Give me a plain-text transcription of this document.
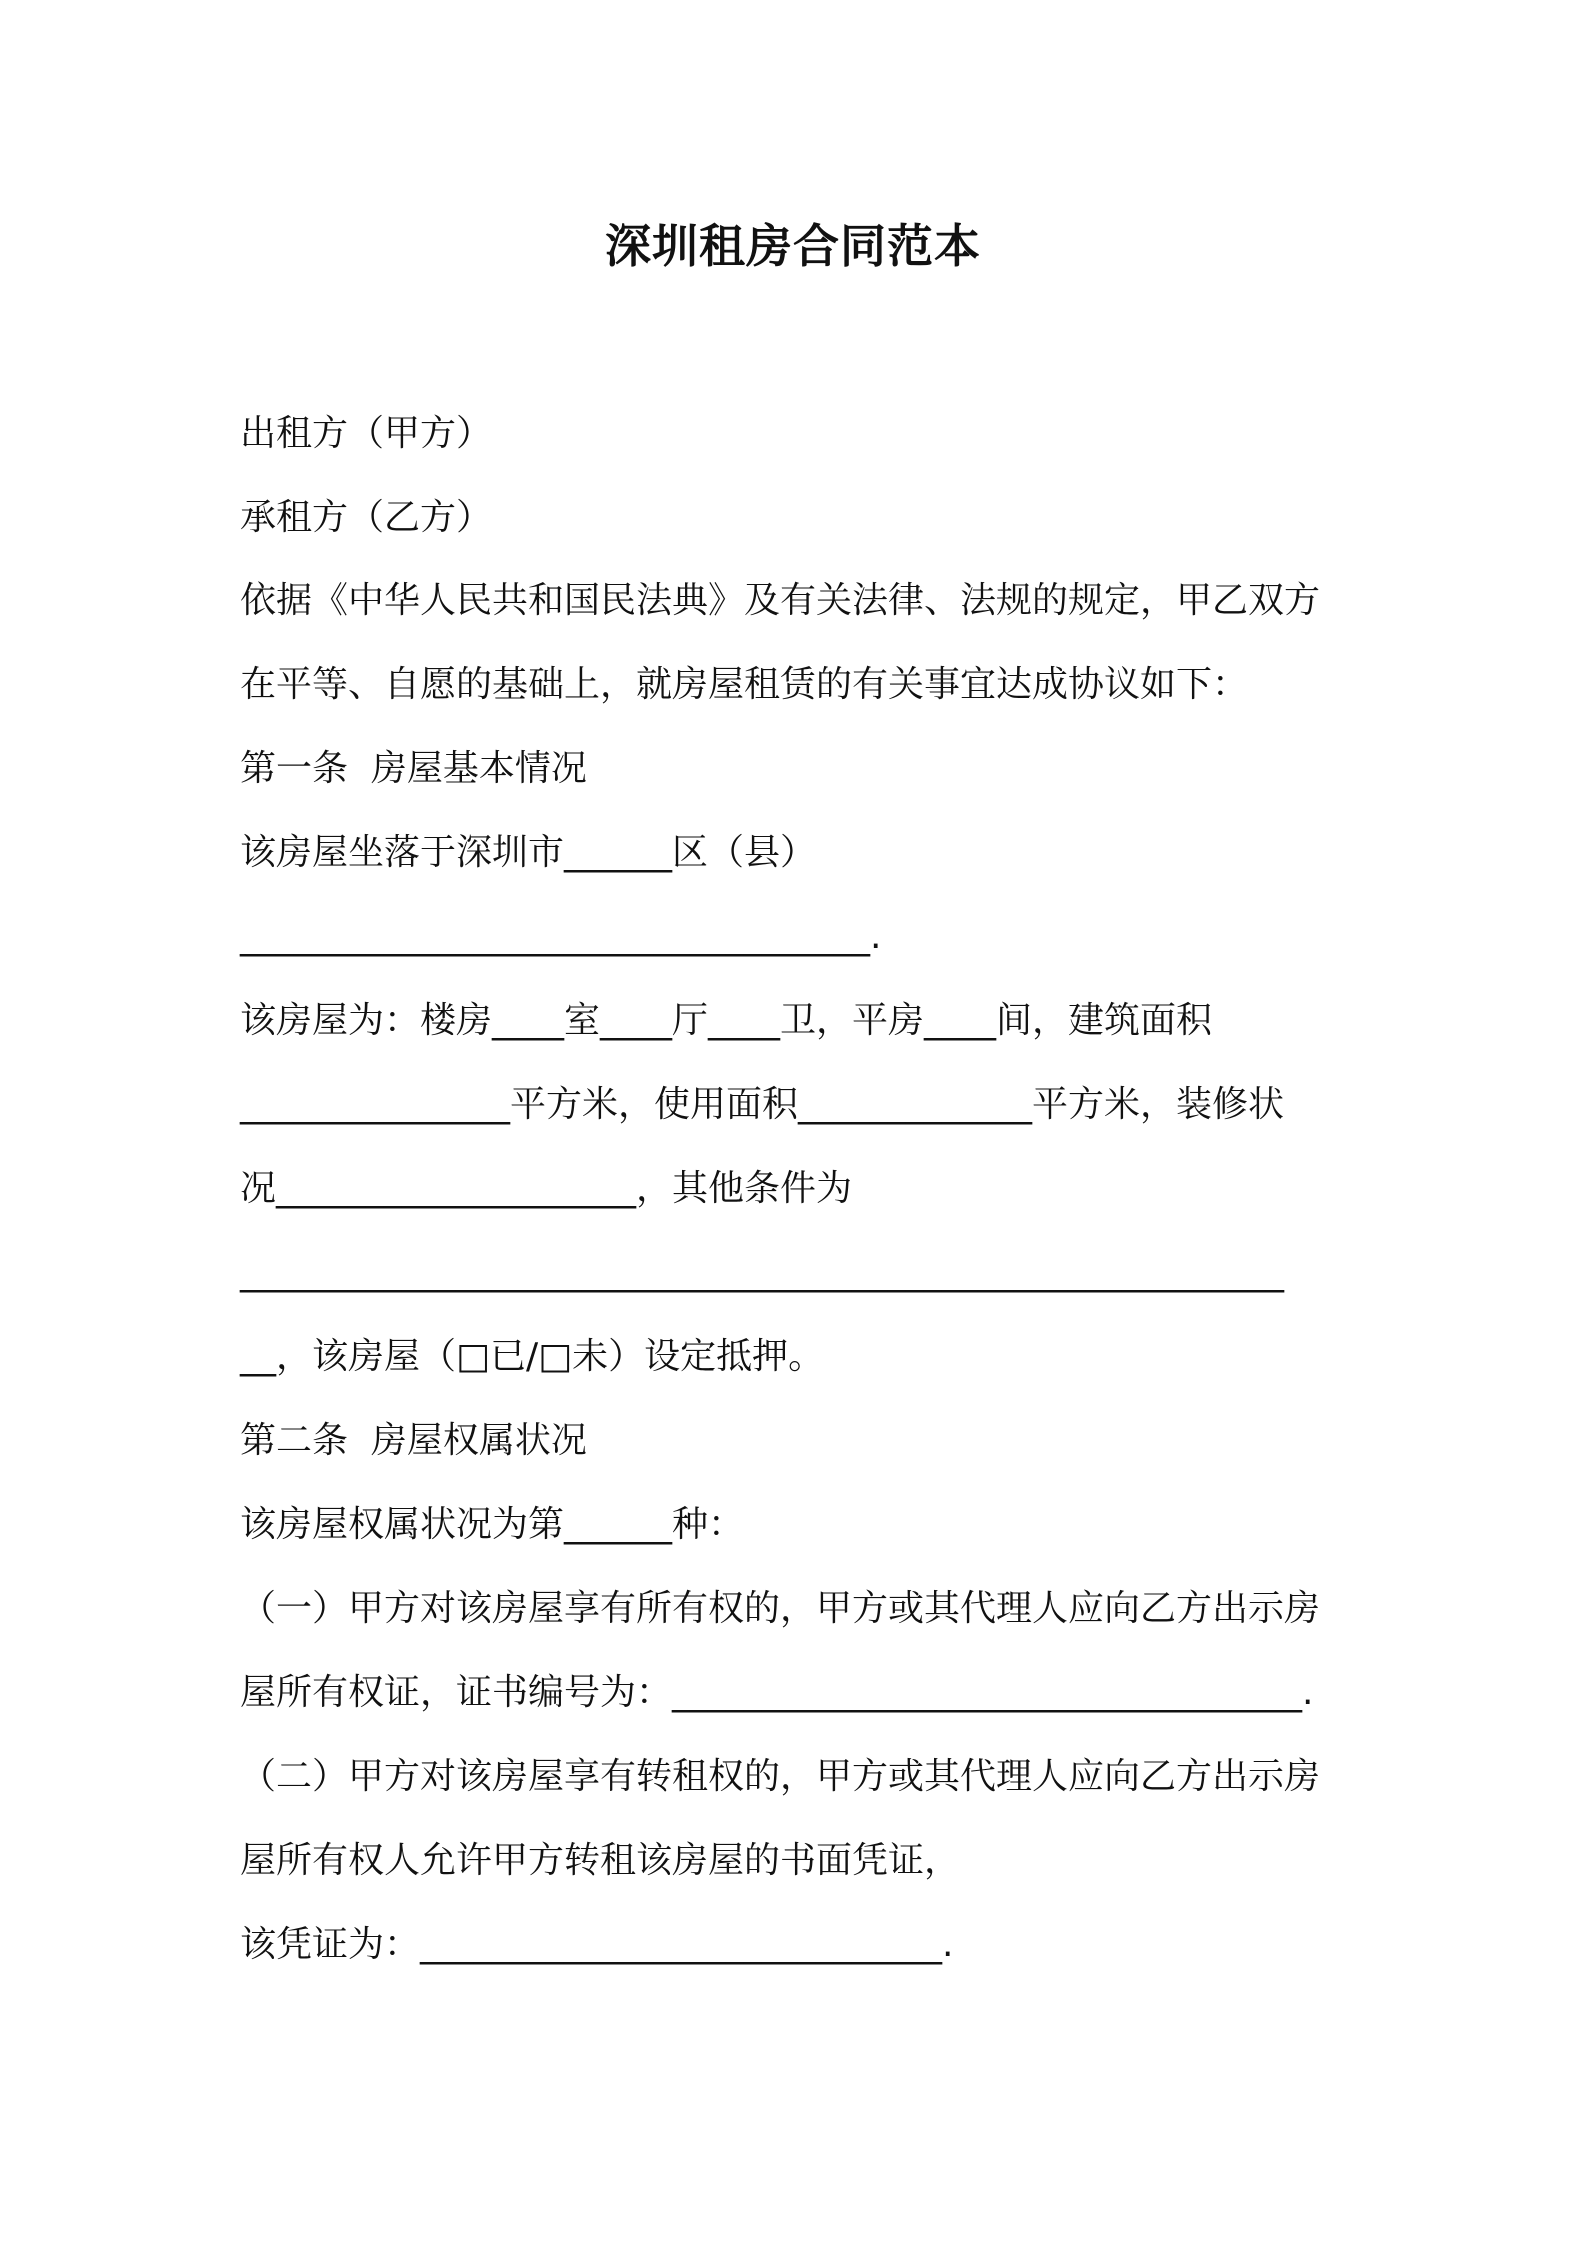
深圳租房合同范本
出租方（甲方）
承租方（乙方）
依据《中华人民共和国民法典》及有关法律、法规的规定，甲乙双方
在平等、自愿的基础上，就房屋租赁的有关事宜达成协议如下：
第一条  房屋基本情况
该房屋坐落于深圳市______区（县）
___________________________________.
该房屋为：楼房____室____厅____卫，平房____间，建筑面积
_______________平方米，使用面积_____________平方米，装修状
况____________________，其他条件为
__________________________________________________________
__，该房屋（□已/□未）设定抵押。
第二条  房屋权属状况
该房屋权属状况为第______种：
（一）甲方对该房屋享有所有权的，甲方或其代理人应向乙方出示房
屋所有权证，证书编号为：___________________________________.
（二）甲方对该房屋享有转租权的，甲方或其代理人应向乙方出示房
屋所有权人允许甲方转租该房屋的书面凭证，
该凭证为：_____________________________.
